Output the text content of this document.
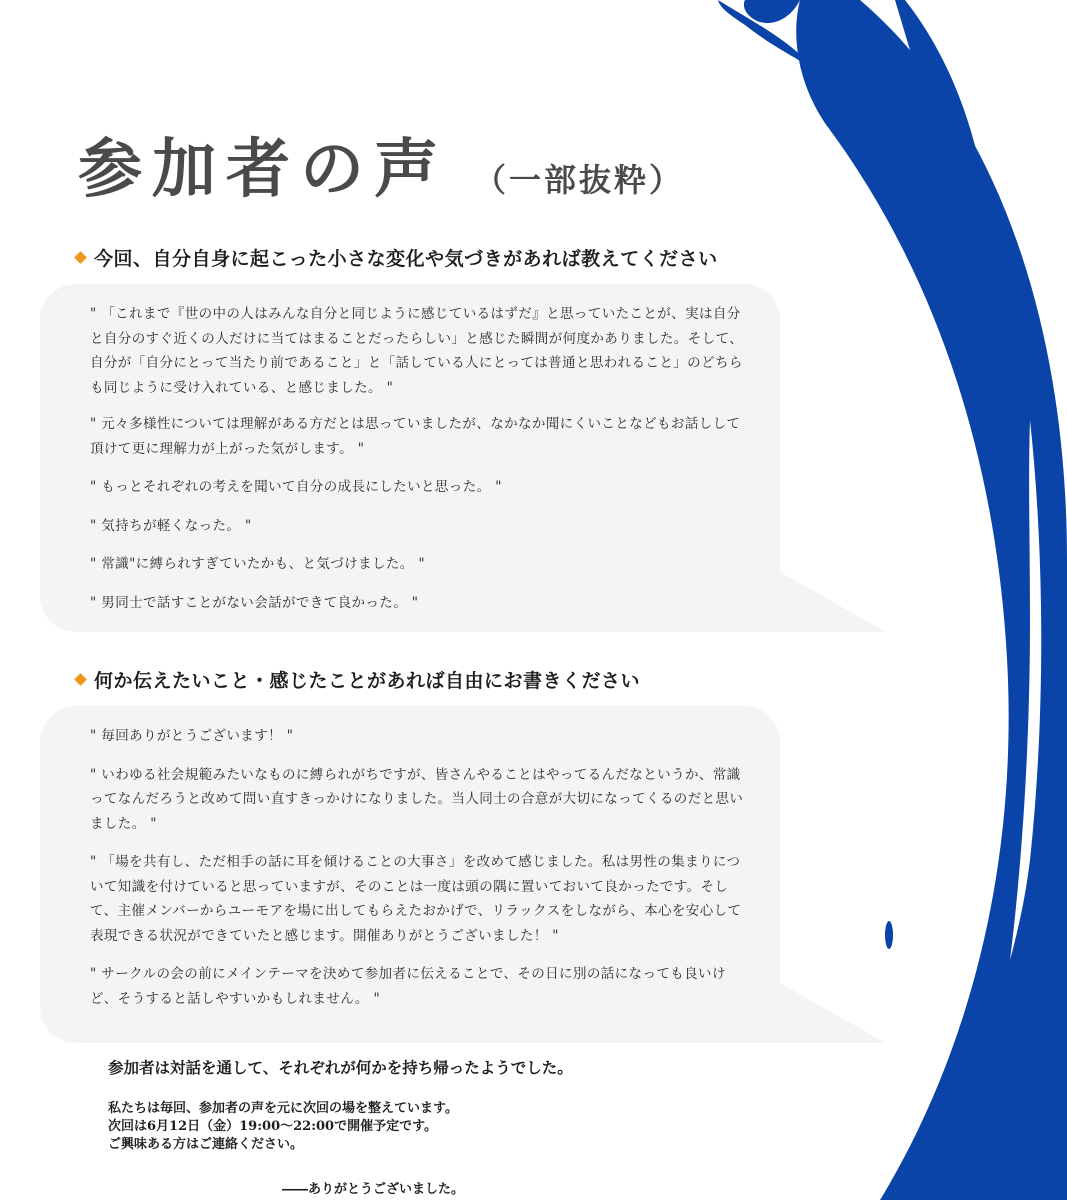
参加者の声 （一部抜粋）
今回、自分自身に起こった小さな変化や気づきがあれば教えてください

" 「これまで『世の中の人はみんな自分と同じように感じているはずだ』と思っていたことが、実は自分と自分のすぐ近くの人だけに当てはまることだったらしい」と感じた瞬間が何度かありました。そして、自分が「自分にとって当たり前であること」と「話している人にとっては普通と思われること」のどちらも同じように受け入れている、と感じました。 "

" 元々多様性については理解がある方だとは思っていましたが、なかなか聞にくいことなどもお話しして頂けて更に理解力が上がった気がします。 "

" もっとそれぞれの考えを聞いて自分の成長にしたいと思った。 "

" 気持ちが軽くなった。 "

" 常識"に縛られすぎていたかも、と気づけました。 "

" 男同士で話すことがない会話ができて良かった。 "

何か伝えたいこと・感じたことがあれば自由にお書きください

" 毎回ありがとうございます！ "

" いわゆる社会規範みたいなものに縛られがちですが、皆さんやることはやってるんだなというか、常識ってなんだろうと改めて問い直すきっかけになりました。当人同士の合意が大切になってくるのだと思いました。 "

" 「場を共有し、ただ相手の話に耳を傾けることの大事さ」を改めて感じました。私は男性の集まりについて知識を付けていると思っていますが、そのことは一度は頭の隅に置いておいて良かったです。そして、主催メンバーからユーモアを場に出してもらえたおかげで、リラックスをしながら、本心を安心して表現できる状況ができていたと感じます。開催ありがとうございました！ "

" サークルの会の前にメインテーマを決めて参加者に伝えることで、その日に別の話になっても良いけど、そうすると話しやすいかもしれません。 "

参加者は対話を通して、それぞれが何かを持ち帰ったようでした。
私たちは毎回、参加者の声を元に次回の場を整えています。
次回は6月12日（金）19:00～22:00で開催予定です。
ご興味ある方はご連絡ください。
――ありがとうございました。
